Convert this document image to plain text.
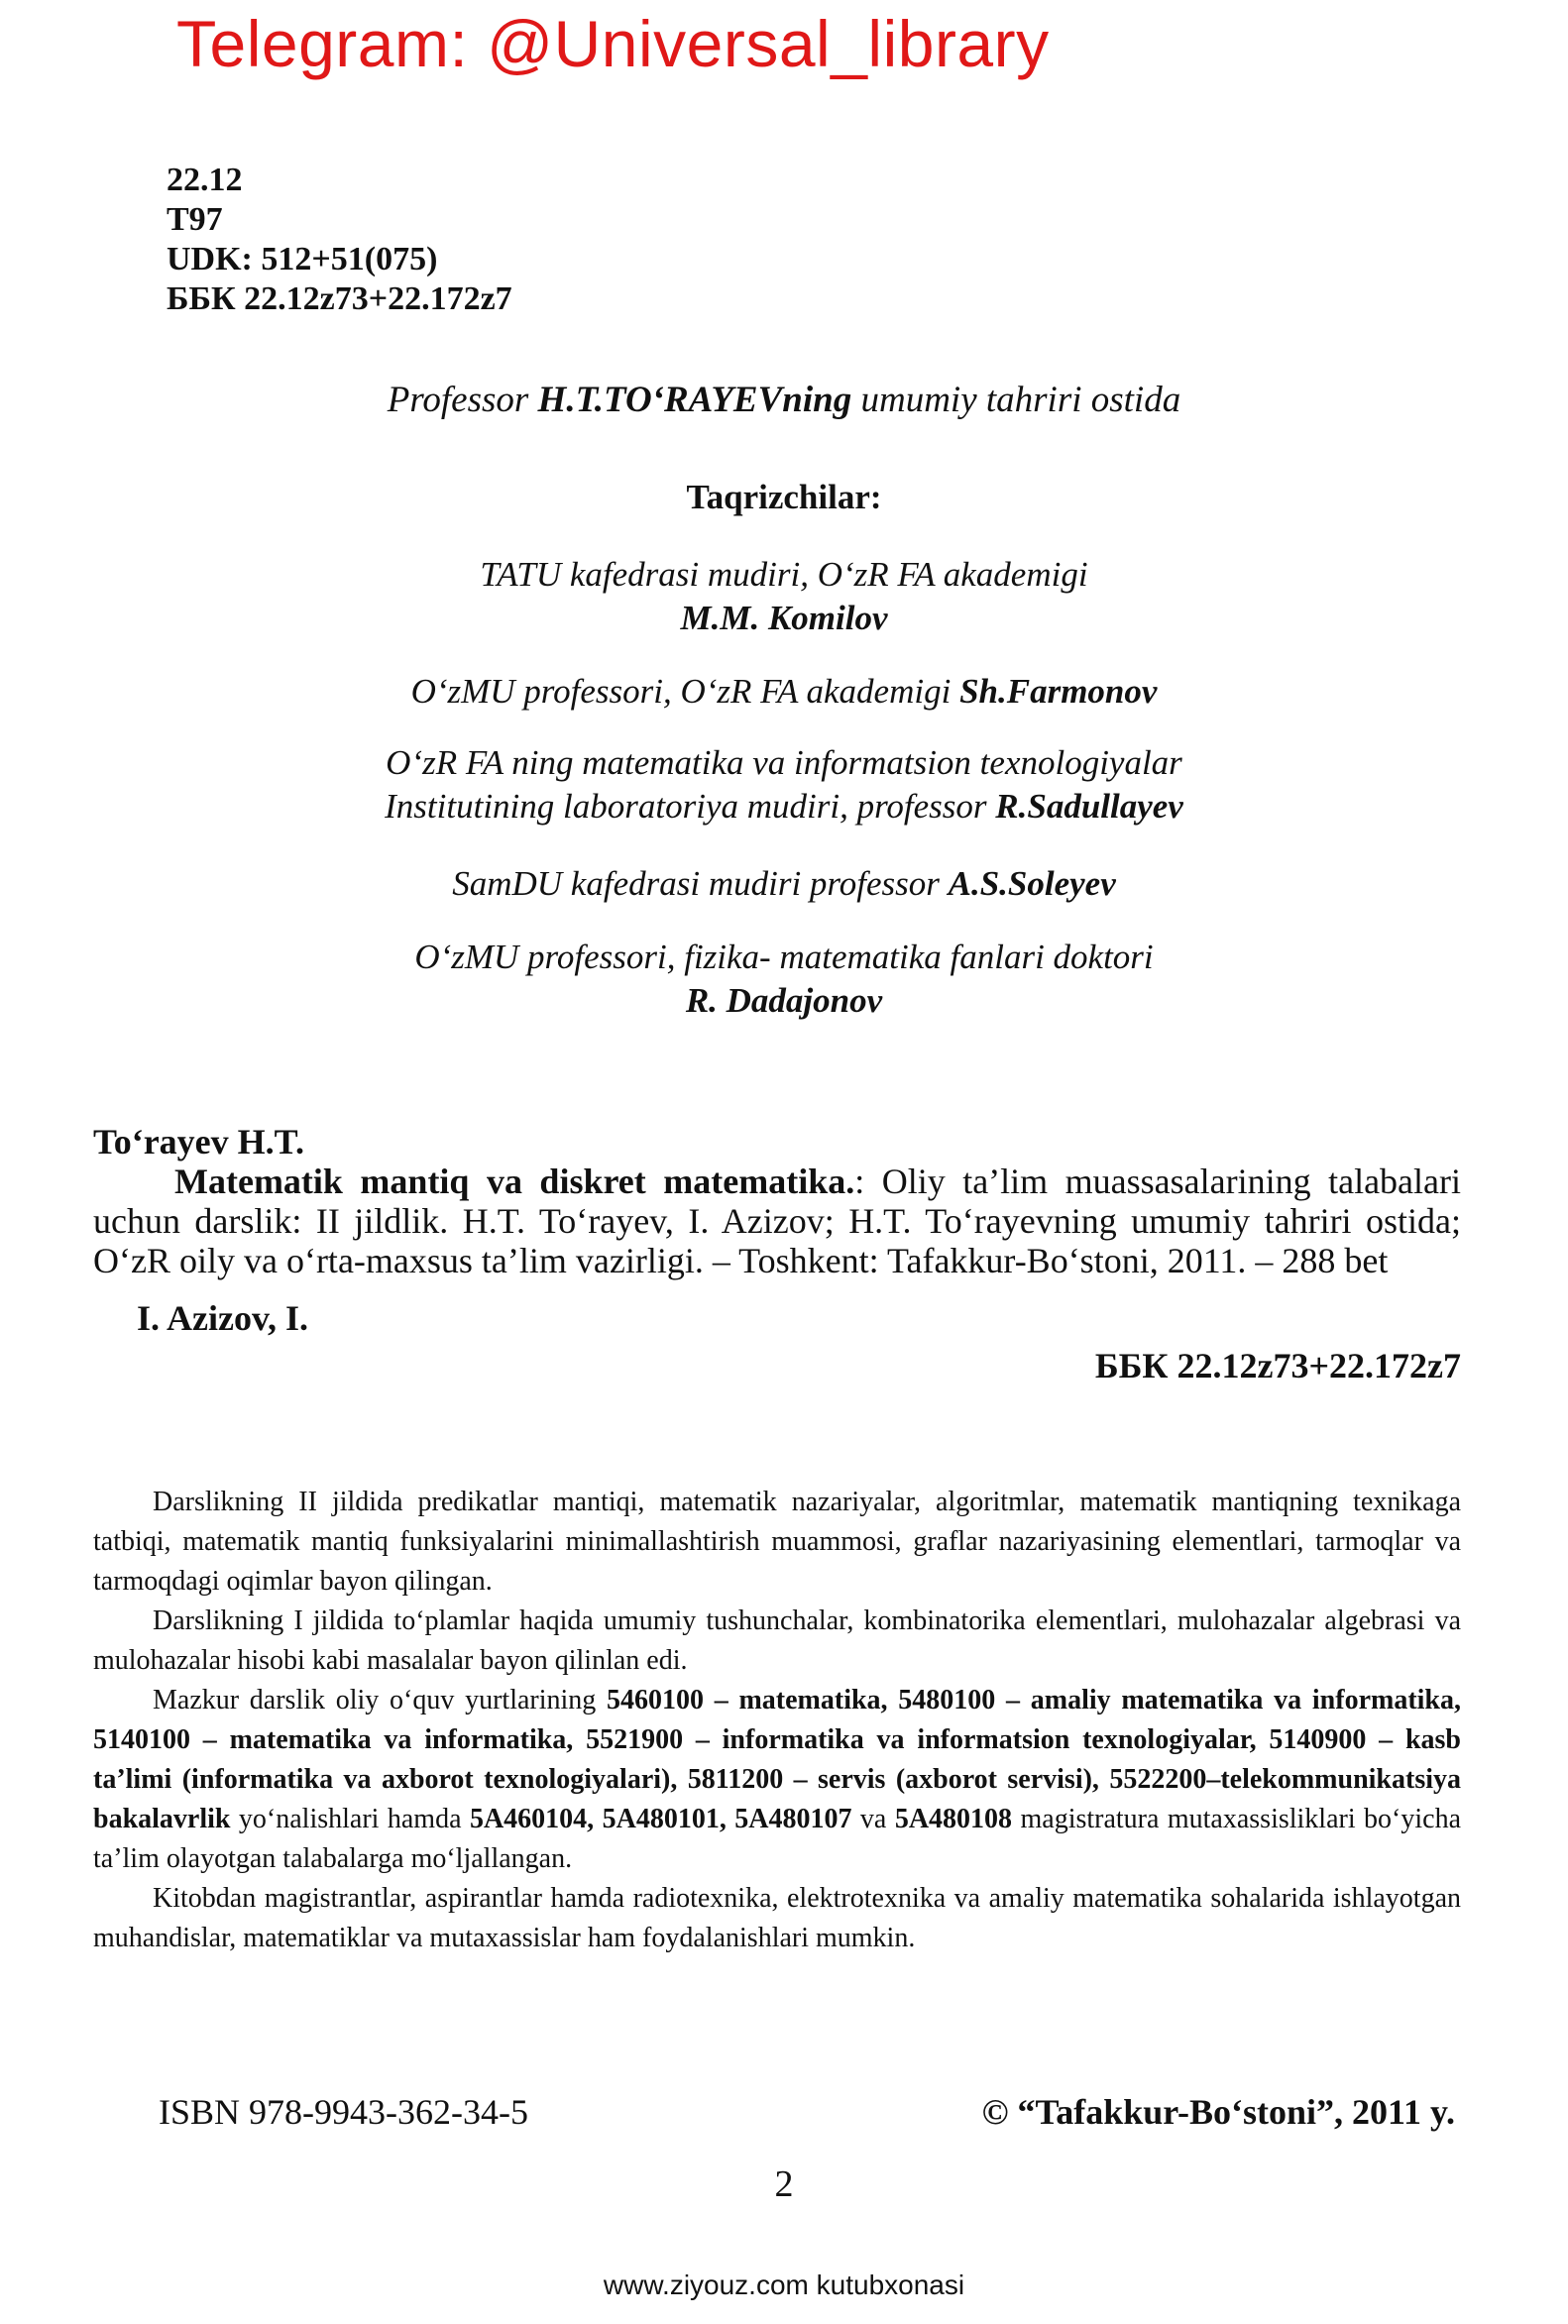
Telegram: @Universal_library
22.12
T97
UDK: 512+51(075)
ББК 22.12z73+22.172z7
Professor H.T.TO‘RAYEVning umumiy tahriri ostida
Taqrizchilar:
TATU kafedrasi mudiri, O‘zR FA akademigi
M.M. Komilov
O‘zMU professori, O‘zR FA akademigi Sh.Farmonov
O‘zR FA ning matematika va informatsion texnologiyalar
Institutining laboratoriya mudiri, professor R.Sadullayev
SamDU kafedrasi mudiri professor A.S.Soleyev
O‘zMU professori, fizika- matematika fanlari doktori
R. Dadajonov
To‘rayev H.T.
Matematik mantiq va diskret matematika.: Oliy ta’lim muassasalarining talabalari uchun darslik: II jildlik. H.T. To‘rayev, I. Azizov; H.T. To‘rayevning umumiy tahriri ostida; O‘zR oily va o‘rta-maxsus ta’lim vazirligi. – Toshkent: Tafakkur-Bo‘stoni, 2011. – 288 bet
I. Azizov, I.
ББК 22.12z73+22.172z7

Darslikning II jildida predikatlar mantiqi, matematik nazariyalar, algoritmlar, matematik mantiqning texnikaga tatbiqi, matematik mantiq funksiyalarini minimallashtirish muammosi, graflar nazariyasining elementlari, tarmoqlar va tarmoqdagi oqimlar bayon qilingan.

Darslikning I jildida to‘plamlar haqida umumiy tushunchalar, kombinatorika elementlari, mulohazalar algebrasi va mulohazalar hisobi kabi masalalar bayon qilinlan edi.

Mazkur darslik oliy o‘quv yurtlarining 5460100 – matematika, 5480100 – amaliy matematika va informatika, 5140100 – matematika va informatika, 5521900 – informatika va informatsion texnologiyalar, 5140900 – kasb ta’limi (informatika va axborot texnologiyalari), 5811200 – servis (axborot servisi), 5522200–telekommunikatsiya bakalavrlik yo‘nalishlari hamda 5A460104, 5A480101, 5A480107 va 5A480108 magistratura mutaxassisliklari bo‘yicha ta’lim olayotgan talabalarga mo‘ljallangan.

Kitobdan magistrantlar, aspirantlar hamda radiotexnika, elektrotexnika va amaliy matematika sohalarida ishlayotgan muhandislar, matematiklar va mutaxassislar ham foydalanishlari mumkin.

ISBN 978-9943-362-34-5	© “Tafakkur-Bo‘stoni”, 2011 y.
2
www.ziyouz.com kutubxonasi
